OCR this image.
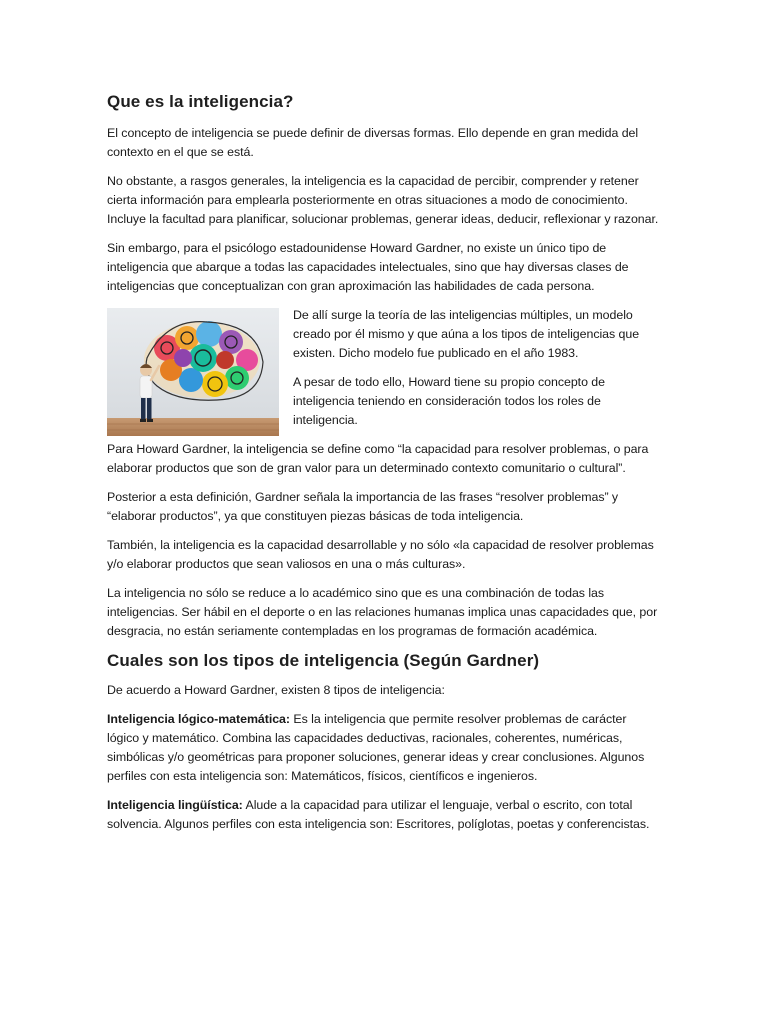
Que es la inteligencia?

El concepto de inteligencia se puede definir de diversas formas. Ello depende en gran medida del contexto en el que se está.

No obstante, a rasgos generales, la inteligencia es la capacidad de percibir, comprender y retener cierta información para emplearla posteriormente en otras situaciones a modo de conocimiento. Incluye la facultad para planificar, solucionar problemas, generar ideas, deducir, reflexionar y razonar.

Sin embargo, para el psicólogo estadounidense Howard Gardner, no existe un único tipo de inteligencia que abarque a todas las capacidades intelectuales, sino que hay diversas clases de inteligencias que conceptualizan con gran aproximación las habilidades de cada persona.

De allí surge la teoría de las inteligencias múltiples, un modelo creado por él mismo y que aúna a los tipos de inteligencias que existen. Dicho modelo fue publicado en el año 1983.

A pesar de todo ello, Howard tiene su propio concepto de inteligencia teniendo en consideración todos los roles de inteligencia.

Para Howard Gardner, la inteligencia se define como “la capacidad para resolver problemas, o para elaborar productos que son de gran valor para un determinado contexto comunitario o cultural”.

Posterior a esta definición, Gardner señala la importancia de las frases “resolver problemas” y “elaborar productos”, ya que constituyen piezas básicas de toda inteligencia.

También, la inteligencia es la capacidad desarrollable y no sólo «la capacidad de resolver problemas y/o elaborar productos que sean valiosos en una o más culturas».

La inteligencia no sólo se reduce a lo académico sino que es una combinación de todas las inteligencias. Ser hábil en el deporte o en las relaciones humanas implica unas capacidades que, por desgracia, no están seriamente contempladas en los programas de formación académica.

Cuales son los tipos de inteligencia (Según Gardner)

De acuerdo a Howard Gardner, existen 8 tipos de inteligencia:

Inteligencia lógico-matemática: Es la inteligencia que permite resolver problemas de carácter lógico y matemático. Combina las capacidades deductivas, racionales, coherentes, numéricas, simbólicas y/o geométricas para proponer soluciones, generar ideas y crear conclusiones. Algunos perfiles con esta inteligencia son: Matemáticos, físicos, científicos e ingenieros.

Inteligencia lingüística: Alude a la capacidad para utilizar el lenguaje, verbal o escrito, con total solvencia. Algunos perfiles con esta inteligencia son: Escritores, políglotas, poetas y conferencistas.
